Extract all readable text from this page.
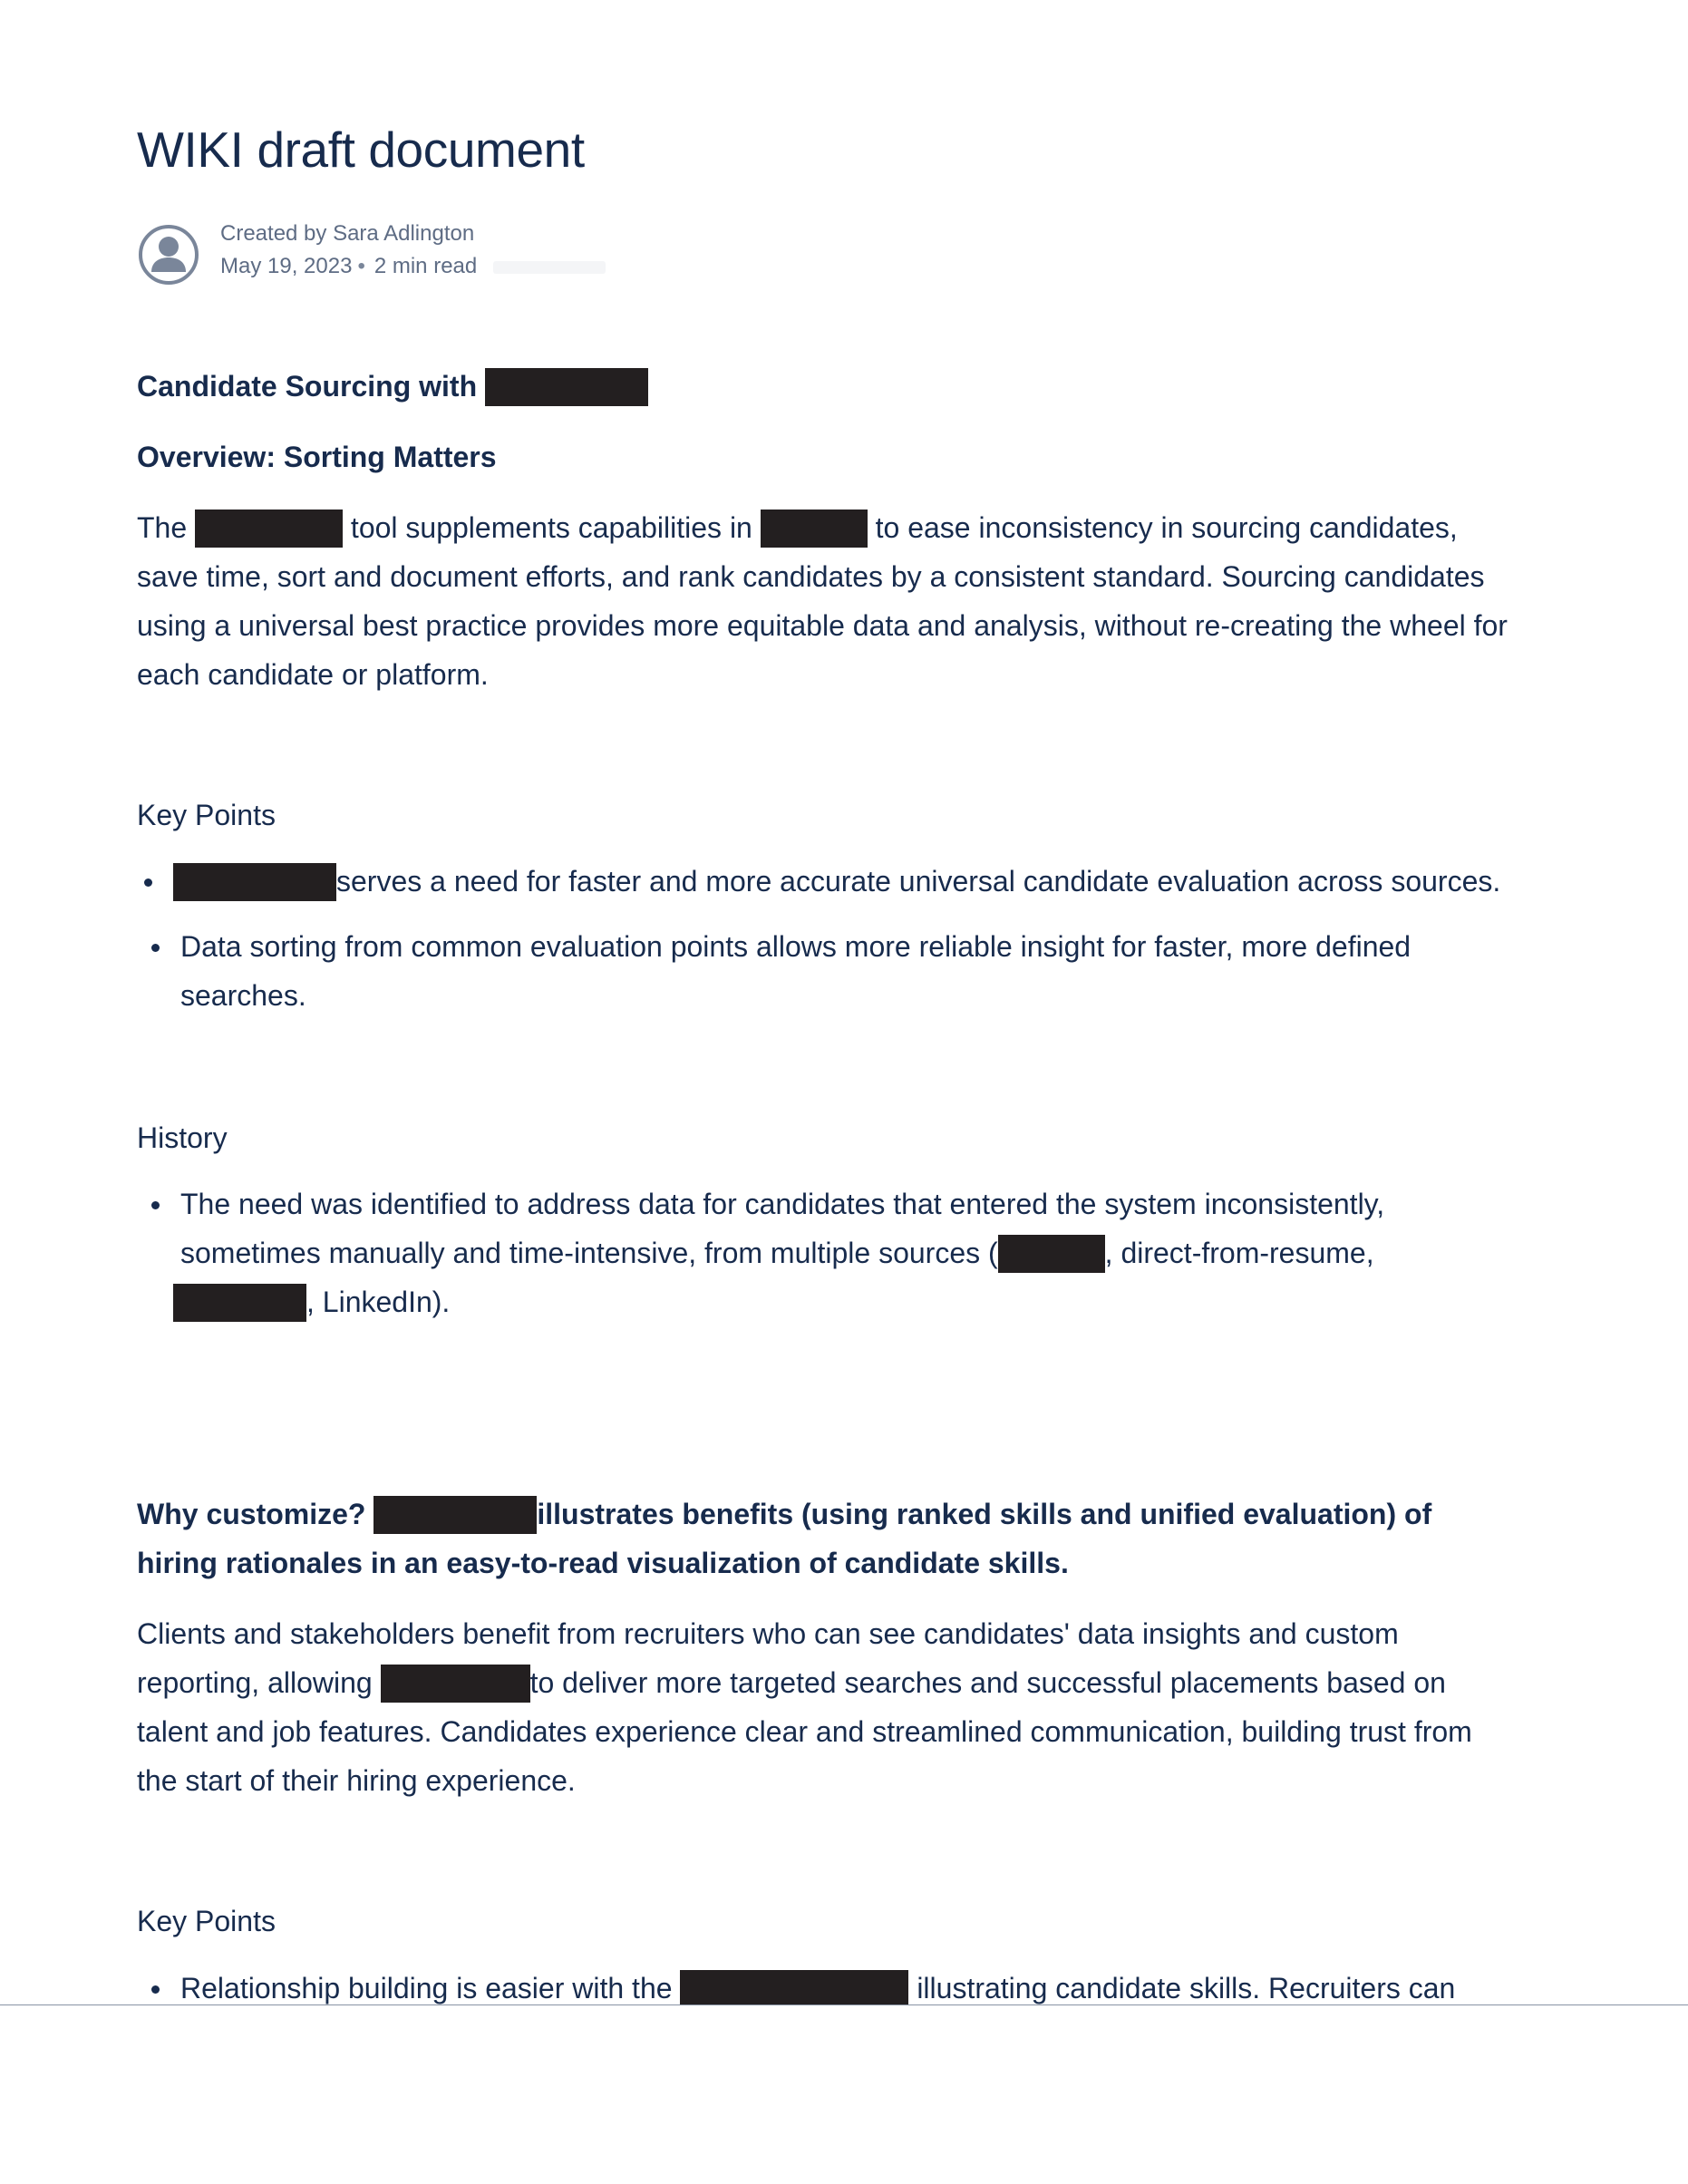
WIKI draft document
Created by Sara Adlington
May 19, 2023 • 2 min read

Candidate Sourcing with

Overview: Sorting Matters

The	tool supplements capabilities in	to ease inconsistency in sourcing candidates, save time, sort and document efforts, and rank candidates by a consistent standard. Sourcing candidates using a universal best practice provides more equitable data and analysis, without re-creating the wheel for each candidate or platform.

Key Points

serves a need for faster and more accurate universal candidate evaluation across sources.
Data sorting from common evaluation points allows more reliable insight for faster, more defined searches.

History

The need was identified to address data for candidates that entered the system inconsistently, sometimes manually and time-intensive, from multiple sources (	, direct-from-resume,
, LinkedIn).

Why customize?	illustrates benefits (using ranked skills and unified evaluation) of hiring rationales in an easy-to-read visualization of candidate skills.

Clients and stakeholders benefit from recruiters who can see candidates' data insights and custom reporting, allowing	to deliver more targeted searches and successful placements based on talent and job features. Candidates experience clear and streamlined communication, building trust from the start of their hiring experience.

Key Points

Relationship building is easier with the	illustrating candidate skills. Recruiters can
